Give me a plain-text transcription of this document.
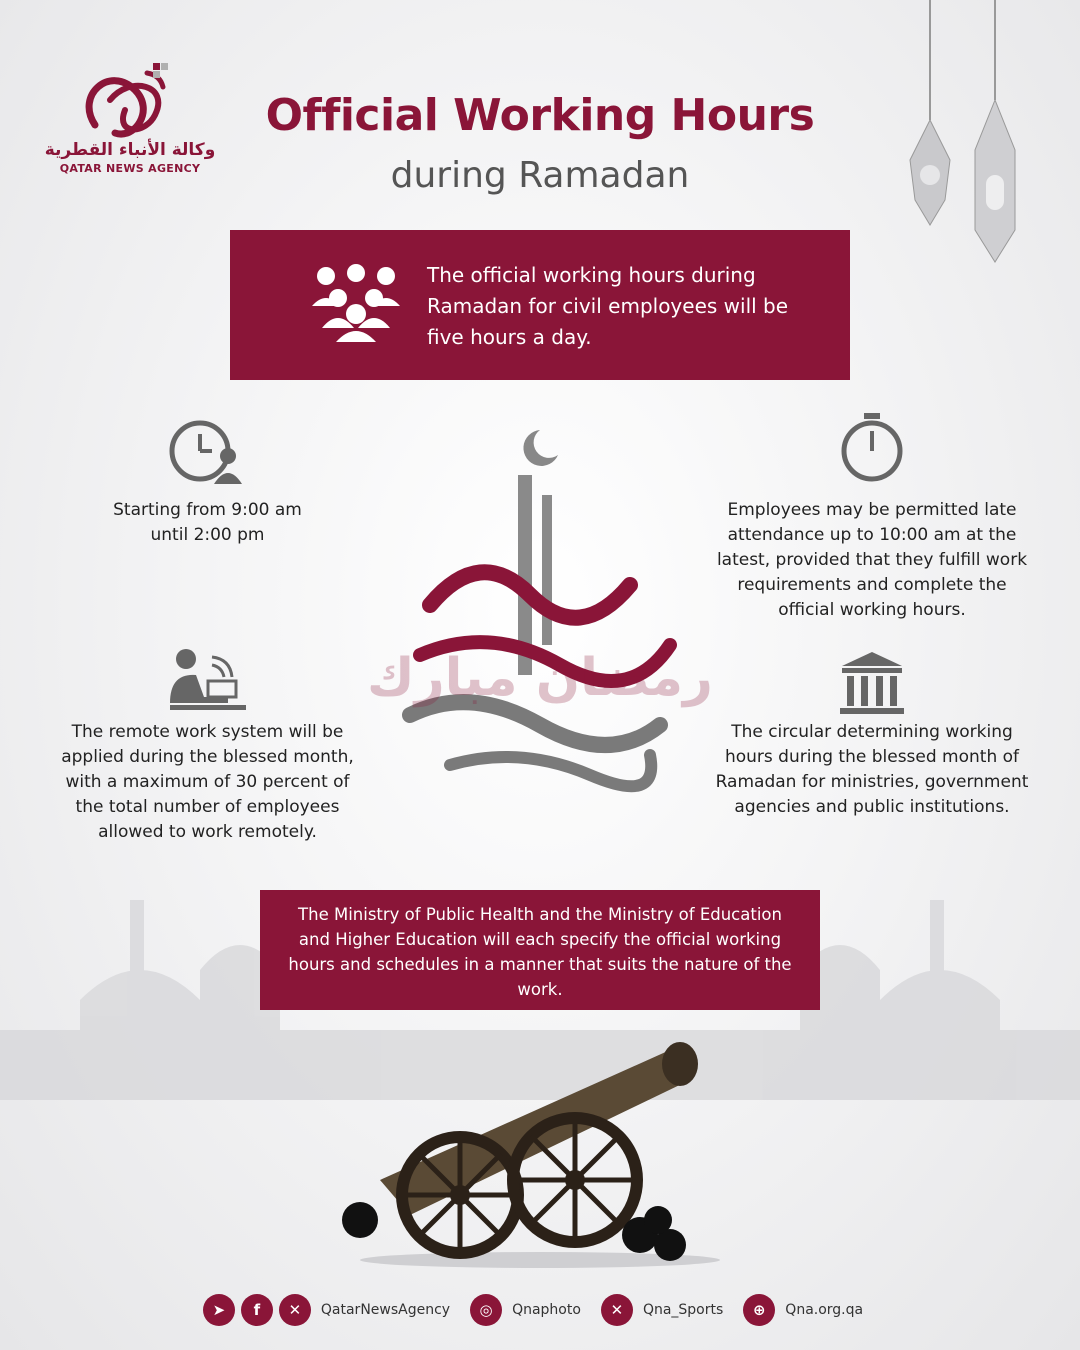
وكالة الأنباء القطرية
QATAR NEWS AGENCY
Official Working Hours
during Ramadan
The official working hours during Ramadan for civil employees will be five hours a day.
رمضان مبارك
Starting from 9:00 am until 2:00 pm
Employees may be permitted late attendance up to 10:00 am at the latest, provided that they fulfill work requirements and complete the official working hours.
The remote work system will be applied during the blessed month, with a maximum of 30 percent of the total number of employees allowed to work remotely.
The circular determining working hours during the blessed month of Ramadan for ministries, government agencies and public institutions.
The Ministry of Public Health and the Ministry of Education and Higher Education will each specify the official working hours and schedules in a manner that suits the nature of the work.
➤	f	✕	QatarNewsAgency	◎	Qnaphoto	✕	Qna_Sports	⊕	Qna.org.qa
